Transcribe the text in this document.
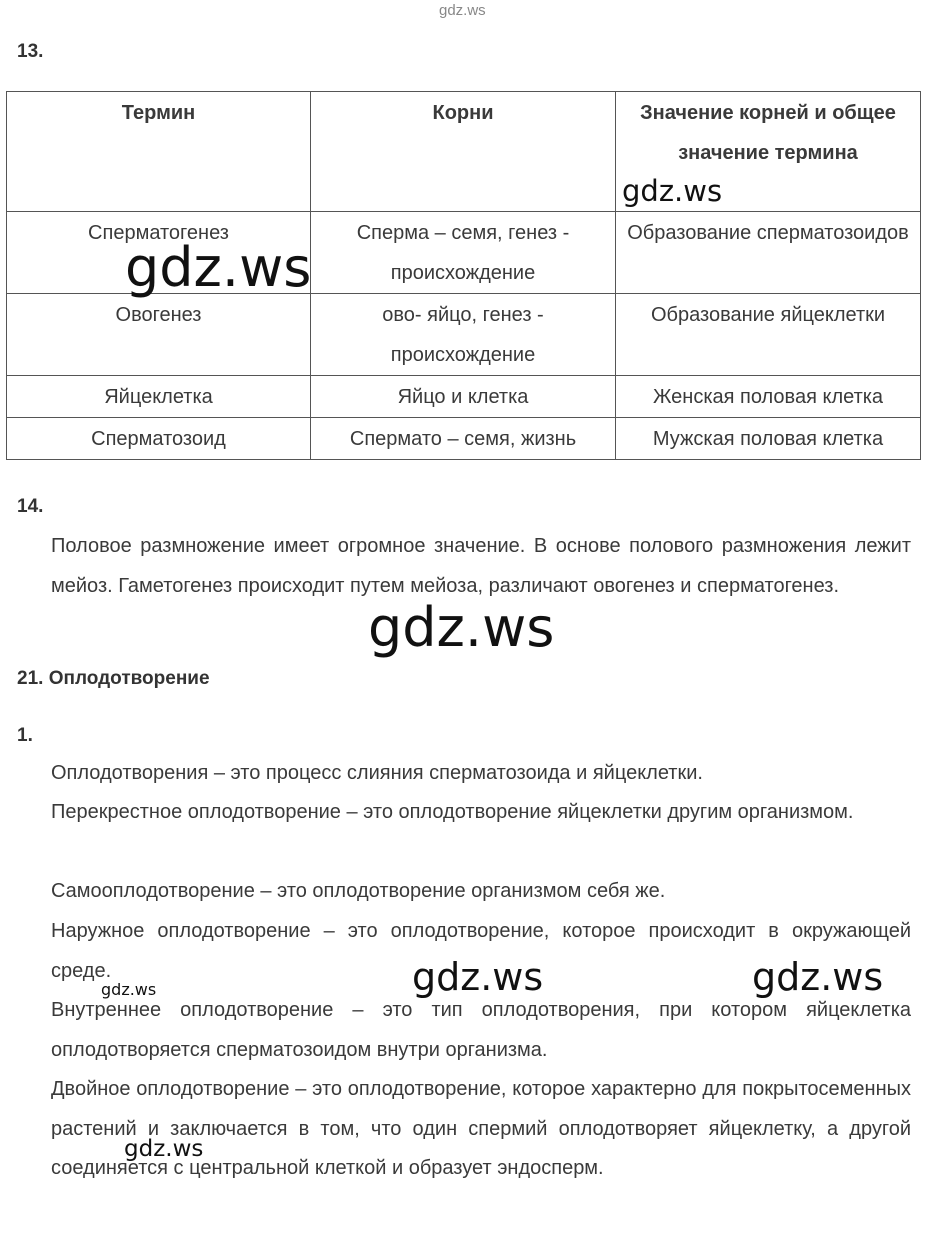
gdz.ws
13.
Термин	Корни	Значение корней и общее значение термина
Сперматогенез	Сперма – семя, генез - происхождение	Образование сперматозоидов
Овогенез	ово- яйцо, генез - происхождение	Образование яйцеклетки
Яйцеклетка	Яйцо и клетка	Женская половая клетка
Сперматозоид	Спермато – семя, жизнь	Мужская половая клетка
gdz.ws
gdz.ws
14.

Половое размножение имеет огромное значение. В основе полового размножения лежит мейоз. Гаметогенез происходит путем мейоза, различают овогенез и сперматогенез.

gdz.ws
21. Оплодотворение
1.

Оплодотворения – это процесс слияния сперматозоида и яйцеклетки.

Перекрестное оплодотворение – это оплодотворение яйцеклетки другим организмом.

Самооплодотворение – это оплодотворение организмом себя же.

Наружное оплодотворение – это оплодотворение, которое происходит в окружающей среде.

Внутреннее оплодотворение – это тип оплодотворения, при котором яйцеклетка оплодотворяется сперматозоидом внутри организма.

Двойное оплодотворение – это оплодотворение, которое характерно для покрытосеменных растений и заключается в том, что один спермий оплодотворяет яйцеклетку, а другой соединяется с центральной клеткой и образует эндосперм.

gdz.ws	gdz.ws
gdz.ws
gdz.ws
